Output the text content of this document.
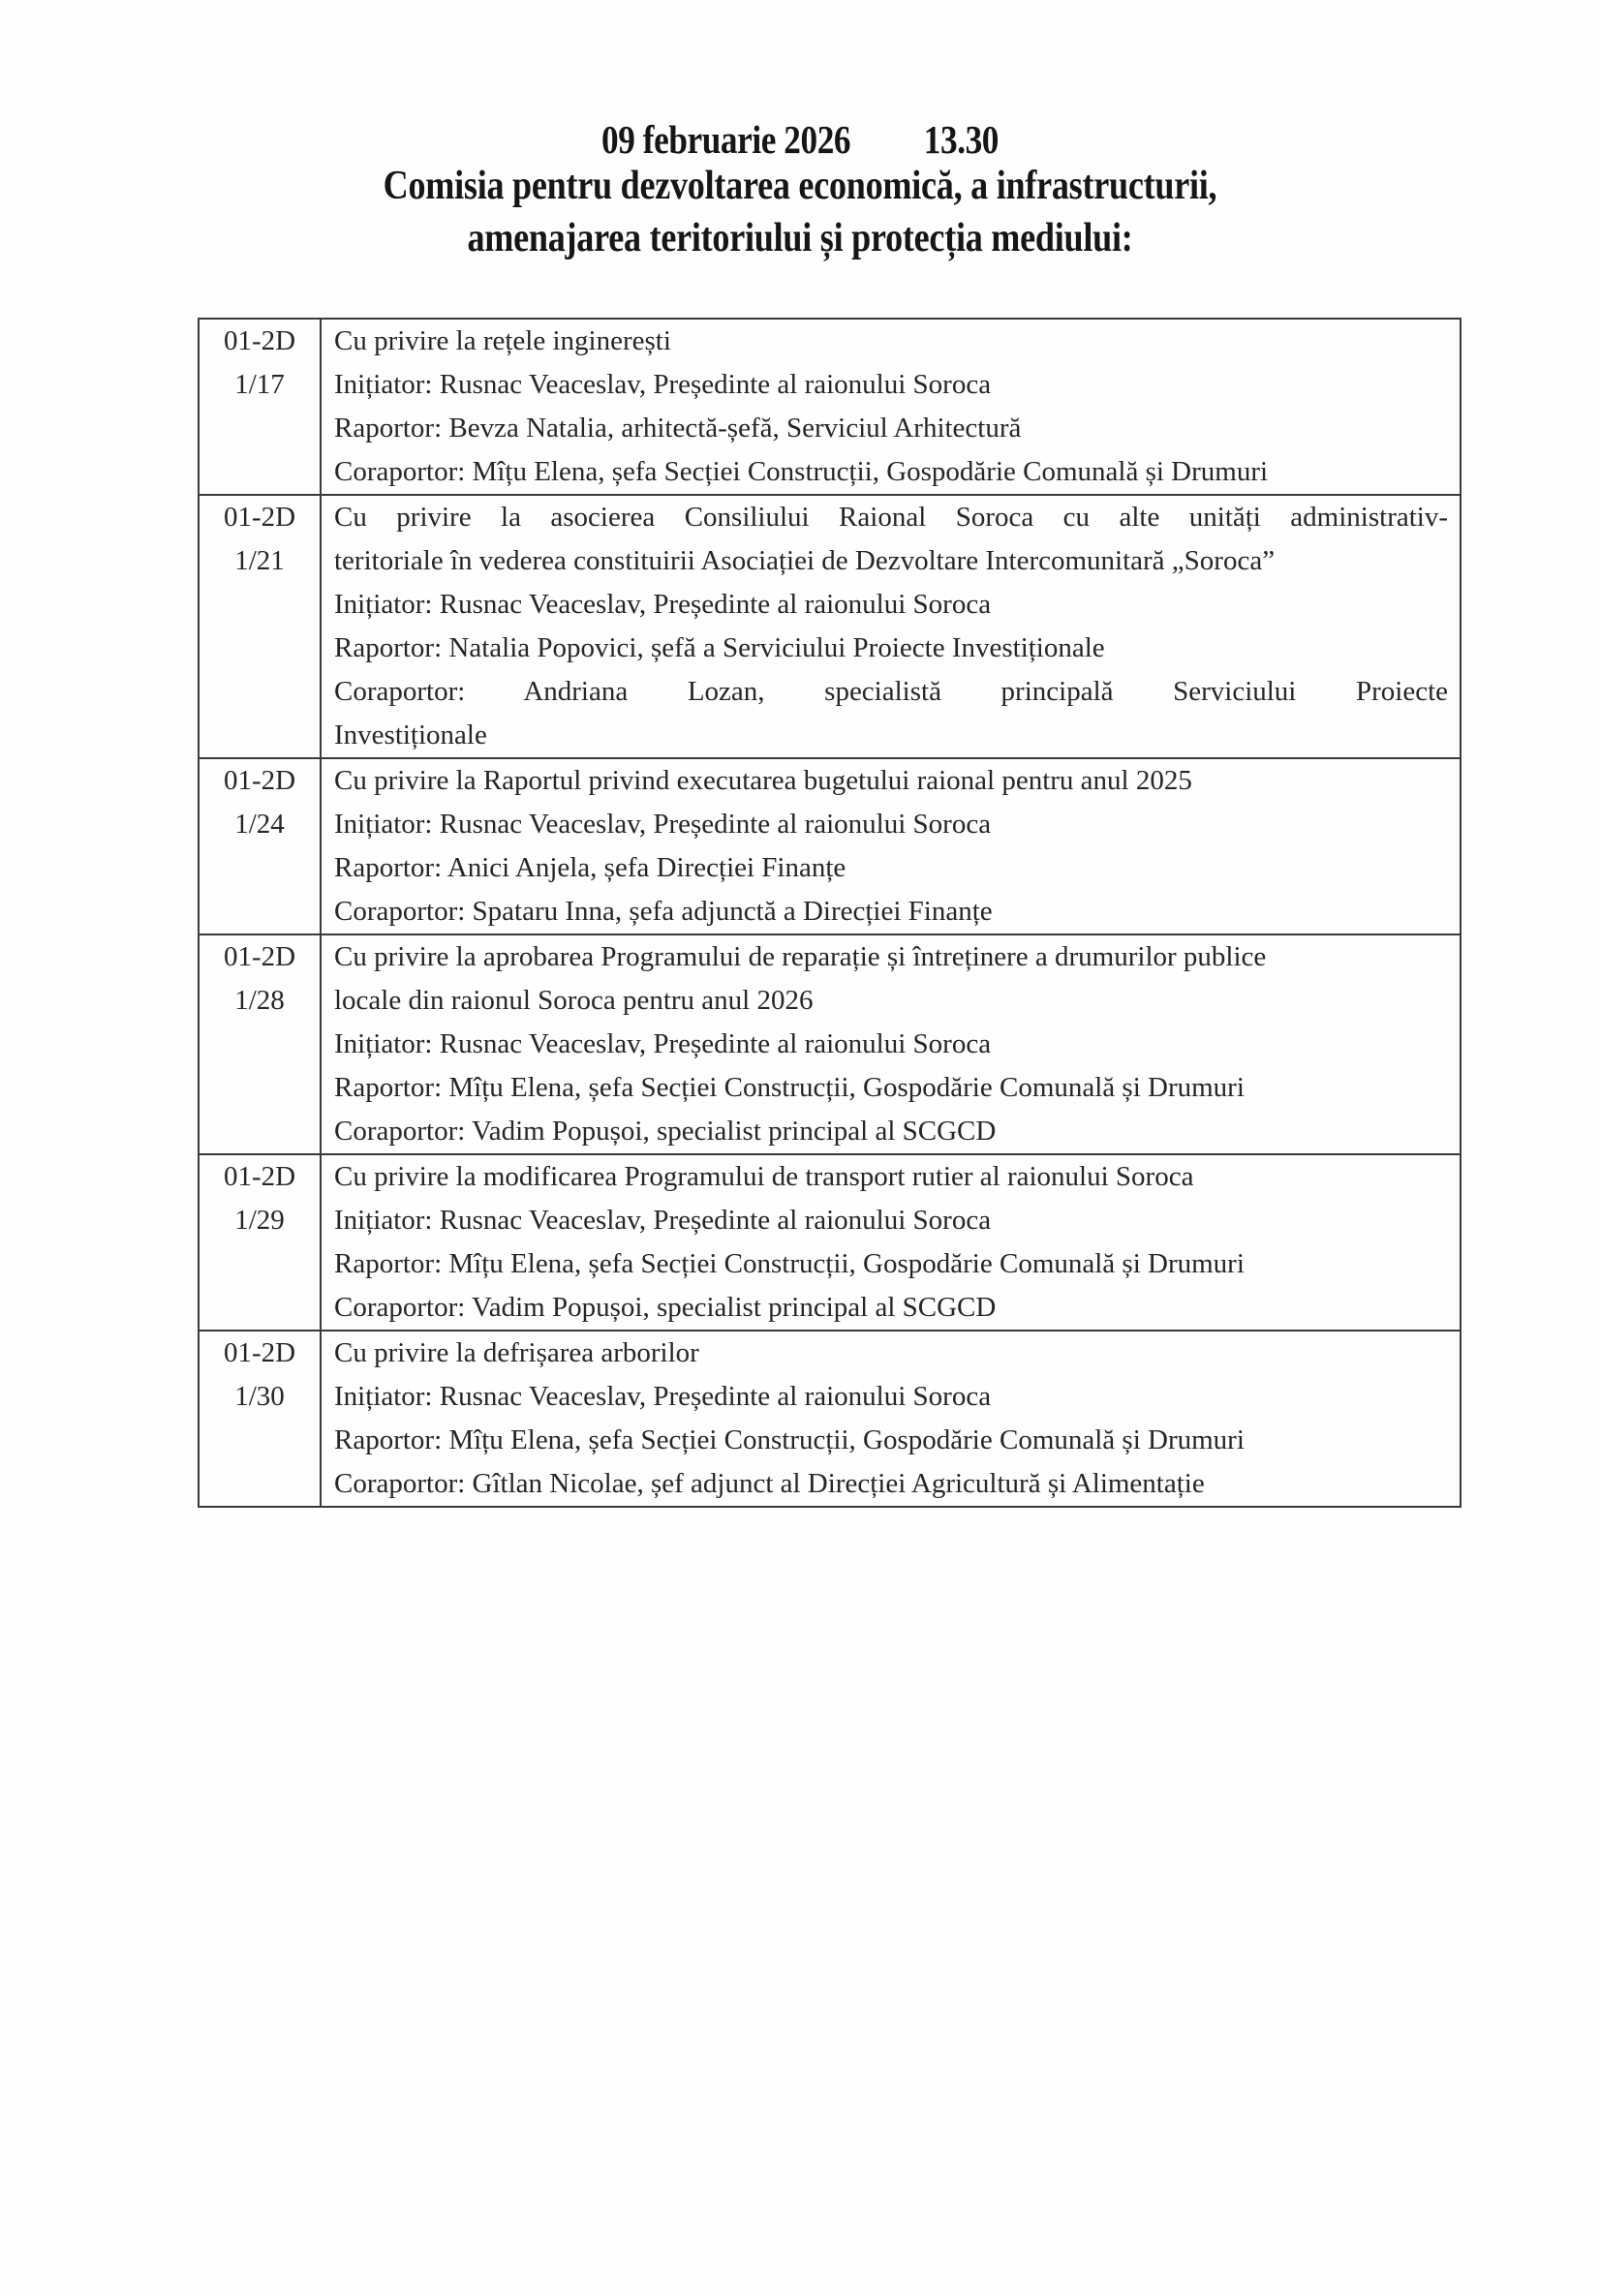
09 februarie 2026 13.30
Comisia pentru dezvoltarea economică, a infrastructurii,
amenajarea teritoriului și protecția mediului:
01-2D
1/17

Cu privire la rețele inginerești
Inițiator: Rusnac Veaceslav, Președinte al raionului Soroca
Raportor: Bevza Natalia, arhitectă-șefă, Serviciul Arhitectură
Coraportor: Mîțu Elena, șefa Secției Construcții, Gospodărie Comunală și Drumuri

01-2D
1/21

Cu privire la asocierea Consiliului Raional Soroca cu alte unități administrativ-
teritoriale în vederea constituirii Asociației de Dezvoltare Intercomunitară „Soroca”
Inițiator: Rusnac Veaceslav, Președinte al raionului Soroca
Raportor: Natalia Popovici, șefă a Serviciului Proiecte Investiționale
Coraportor: Andriana Lozan, specialistă principală Serviciului Proiecte
Investiționale

01-2D
1/24

Cu privire la Raportul privind executarea bugetului raional pentru anul 2025
Inițiator: Rusnac Veaceslav, Președinte al raionului Soroca
Raportor: Anici Anjela, șefa Direcției Finanțe
Coraportor: Spataru Inna, șefa adjunctă a Direcției Finanțe

01-2D
1/28

Cu privire la aprobarea Programului de reparație și întreținere a drumurilor publice
locale din raionul Soroca pentru anul 2026
Inițiator: Rusnac Veaceslav, Președinte al raionului Soroca
Raportor: Mîțu Elena, șefa Secției Construcții, Gospodărie Comunală și Drumuri
Coraportor: Vadim Popușoi, specialist principal al SCGCD

01-2D
1/29

Cu privire la modificarea Programului de transport rutier al raionului Soroca
Inițiator: Rusnac Veaceslav, Președinte al raionului Soroca
Raportor: Mîțu Elena, șefa Secției Construcții, Gospodărie Comunală și Drumuri
Coraportor: Vadim Popușoi, specialist principal al SCGCD

01-2D
1/30

Cu privire la defrișarea arborilor
Inițiator: Rusnac Veaceslav, Președinte al raionului Soroca
Raportor: Mîțu Elena, șefa Secției Construcții, Gospodărie Comunală și Drumuri
Coraportor: Gîtlan Nicolae, șef adjunct al Direcției Agricultură și Alimentație
